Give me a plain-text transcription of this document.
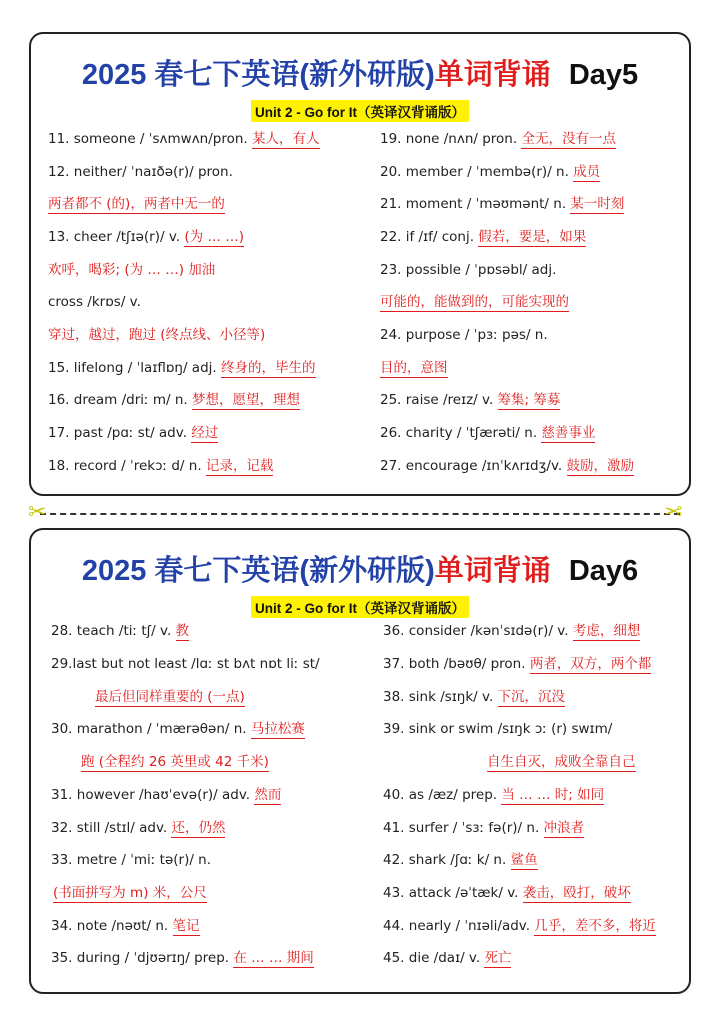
2025 春七下英语(新外研版)单词背诵 Day5
Unit 2 - Go for It（英译汉背诵版）
11. someone / ˈsʌmwʌn/pron. 某人，有人
12. neither/ ˈnaɪðə(r)/ pron.
两者都不 (的)，两者中无一的
13. cheer /tʃɪə(r)/ v. (为 … …)
欢呼，喝彩; (为 … …) 加油
cross /krɒs/ v.
穿过，越过，跑过 (终点线、小径等)
15. lifelong / ˈlaɪflɒŋ/ adj. 终身的，毕生的
16. dream /driː m/ n. 梦想，愿望，理想
17. past /pɑː st/ adv. 经过
18. record / ˈrekɔː d/ n. 记录，记载
19. none /nʌn/ pron. 全无，没有一点
20. member / ˈmembə(r)/ n. 成员
21. moment / ˈməʊmənt/ n. 某一时刻
22. if /ɪf/ conj. 假若，要是，如果
23. possible / ˈpɒsəbl/ adj.
可能的，能做到的，可能实现的
24. purpose / ˈpɜː pəs/ n.
目的，意图
25. raise /reɪz/ v. 筹集; 筹募
26. charity / ˈtʃærəti/ n. 慈善事业
27. encourage /ɪnˈkʌrɪdʒ/v. 鼓励，激励
✂	✂
2025 春七下英语(新外研版)单词背诵 Day6
Unit 2 - Go for It（英译汉背诵版）
28. teach /tiː tʃ/ v. 教
29.last but not least /lɑː st bʌt nɒt liː st/
最后但同样重要的 (一点)
30. marathon / ˈmærəθən/ n. 马拉松赛
跑 (全程约 26 英里或 42 千米)
31. however /haʊˈevə(r)/ adv. 然而
32. still /stɪl/ adv. 还，仍然
33. metre / ˈmiː tə(r)/ n.
(书面拼写为 m) 米，公尺
34. note /nəʊt/ n. 笔记
35. during / ˈdjʊərɪŋ/ prep. 在 … … 期间
36. consider /kənˈsɪdə(r)/ v. 考虑，细想
37. both /bəʊθ/ pron. 两者，双方，两个都
38. sink /sɪŋk/ v. 下沉，沉没
39. sink or swim /sɪŋk ɔː (r) swɪm/
自生自灭，成败全靠自己
40. as /æz/ prep. 当 … … 时; 如同
41. surfer / ˈsɜː fə(r)/ n. 冲浪者
42. shark /ʃɑː k/ n. 鲨鱼
43. attack /əˈtæk/ v. 袭击，殴打，破坏
44. nearly / ˈnɪəli/adv. 几乎，差不多，将近
45. die /daɪ/ v. 死亡
